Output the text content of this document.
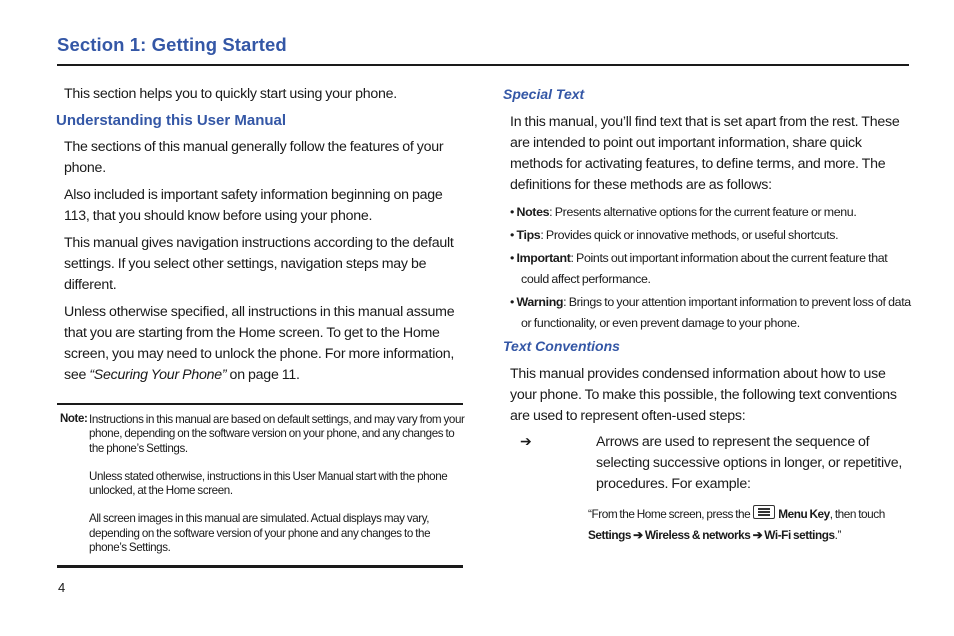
Section 1: Getting Started

This section helps you to quickly start using your phone.

Understanding this User Manual

The sections of this manual generally follow the features of your phone.

Also included is important safety information beginning on page 113, that you should know before using your phone.

This manual gives navigation instructions according to the default settings. If you select other settings, navigation steps may be different.

Unless otherwise specified, all instructions in this manual assume that you are starting from the Home screen. To get to the Home screen, you may need to unlock the phone. For more information, see “Securing Your Phone” on page 11.

Note: Instructions in this manual are based on default settings, and may vary from your phone, depending on the software version on your phone, and any changes to the phone’s Settings.

Unless stated otherwise, instructions in this User Manual start with the phone unlocked, at the Home screen.

All screen images in this manual are simulated. Actual displays may vary, depending on the software version of your phone and any changes to the phone’s Settings.

Special Text

In this manual, you’ll find text that is set apart from the rest. These are intended to point out important information, share quick methods for activating features, to define terms, and more. The definitions for these methods are as follows:

• Notes: Presents alternative options for the current feature or menu.
• Tips: Provides quick or innovative methods, or useful shortcuts.
• Important: Points out important information about the current feature that could affect performance.
• Warning: Brings to your attention important information to prevent loss of data or functionality, or even prevent damage to your phone.
Text Conventions

This manual provides condensed information about how to use your phone. To make this possible, the following text conventions are used to represent often-used steps:

➔	Arrows are used to represent the sequence of selecting successive options in longer, or repetitive, procedures. For example:

“From the Home screen, press the Menu Key, then touch

Settings ➔ Wireless & networks ➔ Wi-Fi settings.”

4
